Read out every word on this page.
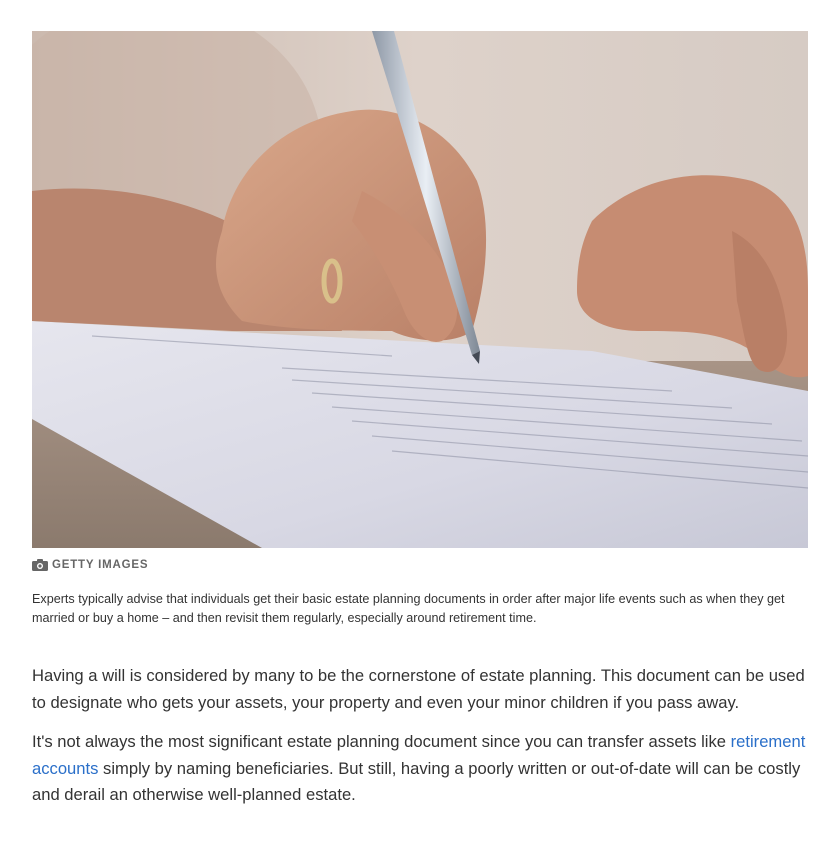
GETTY IMAGES
Experts typically advise that individuals get their basic estate planning documents in order after major life events such as when they get married or buy a home – and then revisit them regularly, especially around retirement time.

Having a will is considered by many to be the cornerstone of estate planning. This document can be used to designate who gets your assets, your property and even your minor children if you pass away.

It's not always the most significant estate planning document since you can transfer assets like retirement accounts simply by naming beneficiaries. But still, having a poorly written or out-of-date will can be costly and derail an otherwise well-planned estate.
